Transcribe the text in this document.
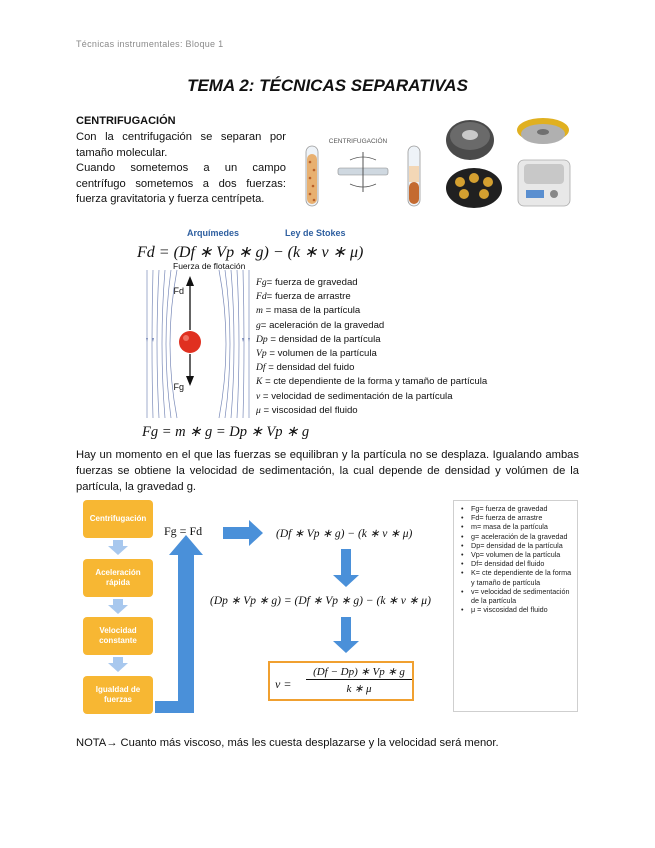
Técnicas instrumentales: Bloque 1
TEMA 2: TÉCNICAS SEPARATIVAS
CENTRIFUGACIÓN

Con la centrifugación se separan por tamaño molecular.

Cuando sometemos a un campo centrífugo sometemos a dos fuerzas: fuerza gravitatoria y fuerza centrípeta.

CENTRIFUGACIÓN
Arquímedes	Ley de Stokes
Fd = (Df ∗ Vp ∗ g) − (k ∗ v ∗ μ)
Fuerza de flotación
Fd
Fg
Fg= fuerza de gravedad
Fd= fuerza de arrastre
m = masa de la partícula
g= aceleración de la gravedad
Dp = densidad de la partícula
Vp = volumen de la partícula
Df = densidad del fuido
K = cte dependiente de la forma y tamaño de partícula
v = velocidad de sedimentación de la partícula
μ = viscosidad del fluido
Fg = m ∗ g = Dp ∗ Vp ∗ g
Hay un momento en el que las fuerzas se equilibran y la partícula no se desplaza. Igualando ambas fuerzas se obtiene la velocidad de sedimentación, la cual depende de densidad y volúmen de la partícula, la gravedad g.
Centrifugación
Aceleración rápida
Velocidad constante
Igualdad de fuerzas
Fg = Fd	(Df ∗ Vp ∗ g) − (k ∗ v ∗ μ)
(Dp ∗ Vp ∗ g) = (Df ∗ Vp ∗ g) − (k ∗ v ∗ μ)
v =
(Df − Dp) ∗ Vp ∗ g
k ∗ μ
• Fg= fuerza de gravedad
• Fd= fuerza de arrastre
• m= masa de la partícula
• g= aceleración de la gravedad
• Dp= densidad de la partícula
• Vp= volumen de la partícula
• Df= densidad del fluido
• K= cte dependiente de la forma y tamaño de partícula
• v= velocidad de sedimentación de la partícula
• μ = viscosidad del fluido
NOTA→ Cuanto más viscoso, más les cuesta desplazarse y la velocidad será menor.
